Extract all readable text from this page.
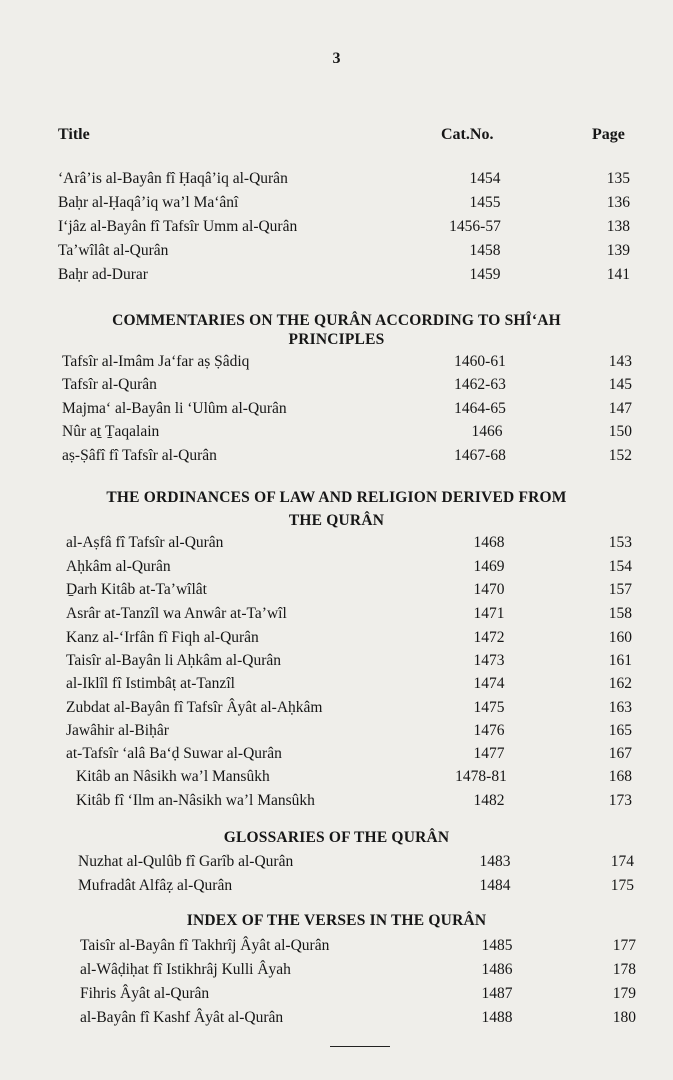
3
Title	Cat.No.	Page
‘Arâ’is al-Bayân fî Ḥaqâ’iq al-Qurân	1454	135
Baḥr al-Ḥaqâ’iq wa’l Ma‘ânî	1455	136
I‘jâz al-Bayân fî Tafsîr Umm al-Qurân	1456-57	138
Ta’wîlât al-Qurân	1458	139
Baḥr ad-Durar	1459	141
COMMENTARIES ON THE QURÂN ACCORDING TO SHÎ‘AH
PRINCIPLES
Tafsîr al-Imâm Ja‘far aṣ Ṣâdiq	1460-61	143
Tafsîr al-Qurân	1462-63	145
Majma‘ al-Bayân li ‘Ulûm al-Qurân	1464-65	147
Nûr aṯ Ṯaqalain	1466	150
aṣ-Ṣâfî fî Tafsîr al-Qurân	1467-68	152
THE ORDINANCES OF LAW AND RELIGION DERIVED FROM
THE QURÂN
al-Aṣfâ fî Tafsîr al-Qurân	1468	153
Aḥkâm al-Qurân	1469	154
Ḏarh Kitâb at-Ta’wîlât	1470	157
Asrâr at-Tanzîl wa Anwâr at-Ta’wîl	1471	158
Kanz al-‘Irfân fî Fiqh al-Qurân	1472	160
Taisîr al-Bayân li Aḥkâm al-Qurân	1473	161
al-Iklîl fî Istimbâṭ at-Tanzîl	1474	162
Zubdat al-Bayân fî Tafsîr Âyât al-Aḥkâm	1475	163
Jawâhir al-Biḥâr	1476	165
at-Tafsîr ‘alâ Ba‘ḍ Suwar al-Qurân	1477	167
Kitâb an Nâsikh wa’l Mansûkh	1478-81	168
Kitâb fî ‘Ilm an-Nâsikh wa’l Mansûkh	1482	173
GLOSSARIES OF THE QURÂN
Nuzhat al-Qulûb fî Garîb al-Qurân	1483	174
Mufradât Alfâẓ al-Qurân	1484	175
INDEX OF THE VERSES IN THE QURÂN
Taisîr al-Bayân fî Takhrîj Âyât al-Qurân	1485	177
al-Wâḍiḥat fî Istikhrâj Kulli Âyah	1486	178
Fihris Âyât al-Qurân	1487	179
al-Bayân fî Kashf Âyât al-Qurân	1488	180
